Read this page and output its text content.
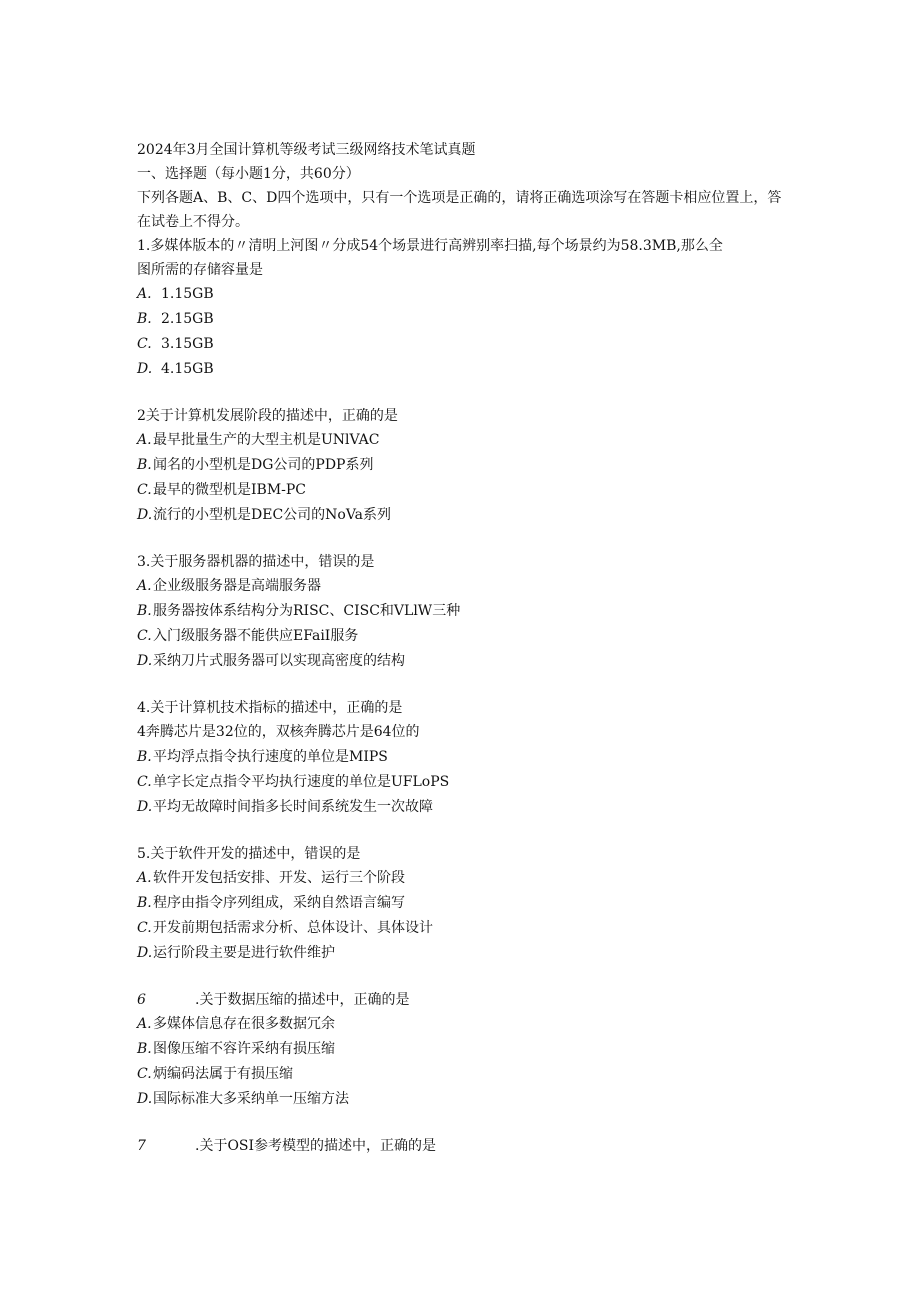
2024年3月全国计算机等级考试三级网络技术笔试真题
一、选择题（每小题1分，共60分）
下列各题A、B、C、D四个选项中，只有一个选项是正确的，请将正确选项涂写在答题卡相应位置上，答在试卷上不得分。
1.多媒体版本的〃清明上河图〃分成54个场景进行高辨别率扫描,每个场景约为58.3MB,那么全
图所需的存储容量是
A. 1.15GB
B. 2.15GB
C. 3.15GB
D. 4.15GB
2关于计算机发展阶段的描述中，正确的是
A.最早批量生产的大型主机是UNlVAC
B.闻名的小型机是DG公司的PDP系列
C.最早的微型机是IBM-PC
D.流行的小型机是DEC公司的NoVa系列
3.关于服务器机器的描述中，错误的是
A.企业级服务器是高端服务器
B.服务器按体系结构分为RISC、CISC和VLlW三种
C.入门级服务器不能供应EFaiI服务
D.采纳刀片式服务器可以实现高密度的结构
4.关于计算机技术指标的描述中，正确的是
4奔腾芯片是32位的，双核奔腾芯片是64位的
B.平均浮点指令执行速度的单位是MIPS
C.单字长定点指令平均执行速度的单位是UFLoPS
D.平均无故障时间指多长时间系统发生一次故障
5.关于软件开发的描述中，错误的是
A.软件开发包括安排、开发、运行三个阶段
B.程序由指令序列组成，采纳自然语言编写
C.开发前期包括需求分析、总体设计、具体设计
D.运行阶段主要是进行软件维护
6	.关于数据压缩的描述中，正确的是
A.多媒体信息存在很多数据冗余
B.图像压缩不容许采纳有损压缩
C.炳编码法属于有损压缩
D.国际标准大多采纳单一压缩方法
7	.关于OSI参考模型的描述中，正确的是
